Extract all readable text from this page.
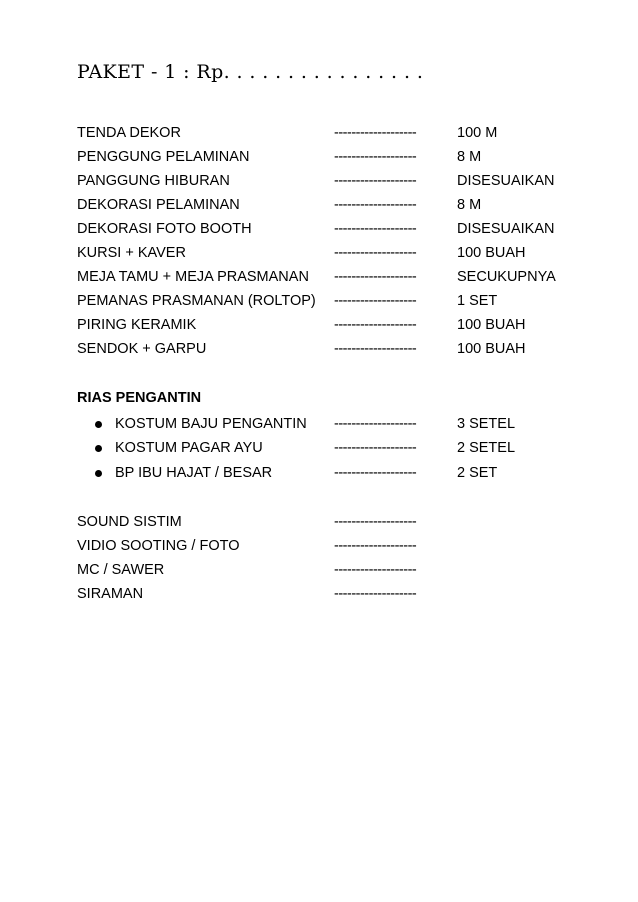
PAKET - 1 : Rp. . . . . . . . . . . . . . . .
TENDA DEKOR	-------------------	100 M
PENGGUNG PELAMINAN	-------------------	8 M
PANGGUNG HIBURAN	-------------------	DISESUAIKAN
DEKORASI PELAMINAN	-------------------	8 M
DEKORASI FOTO BOOTH	-------------------	DISESUAIKAN
KURSI + KAVER	-------------------	100 BUAH
MEJA TAMU + MEJA PRASMANAN -------------------	SECUKUPNYA
PEMANAS PRASMANAN (ROLTOP) -------------------	1 SET
PIRING KERAMIK	-------------------	100 BUAH
SENDOK + GARPU	-------------------	100 BUAH
RIAS PENGANTIN
KOSTUM BAJU PENGANTIN -------------------	3 SETEL
KOSTUM PAGAR AYU	-------------------	2 SETEL
BP IBU HAJAT / BESAR	-------------------	2 SET
SOUND SISTIM	-------------------
VIDIO SOOTING / FOTO	-------------------
MC / SAWER	-------------------
SIRAMAN	-------------------
